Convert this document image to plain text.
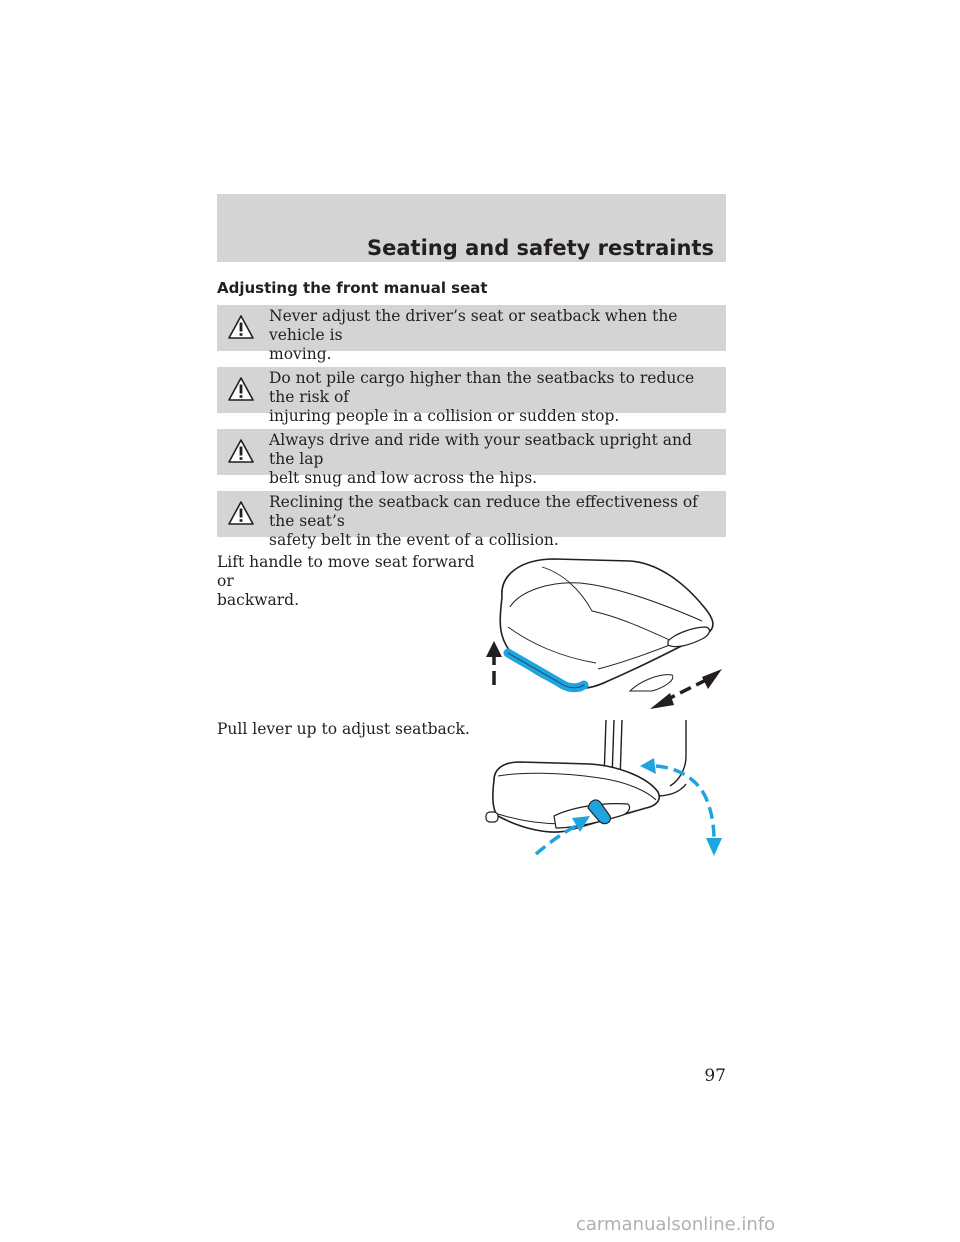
Seating and safety restraints
Adjusting the front manual seat
Never adjust the driver’s seat or seatback when the vehicle is
moving.
Do not pile cargo higher than the seatbacks to reduce the risk of
injuring people in a collision or sudden stop.
Always drive and ride with your seatback upright and the lap
belt snug and low across the hips.
Reclining the seatback can reduce the effectiveness of the seat’s
safety belt in the event of a collision.
Lift handle to move seat forward or
backward.
Pull lever up to adjust seatback.
97
carmanualsonline.info
